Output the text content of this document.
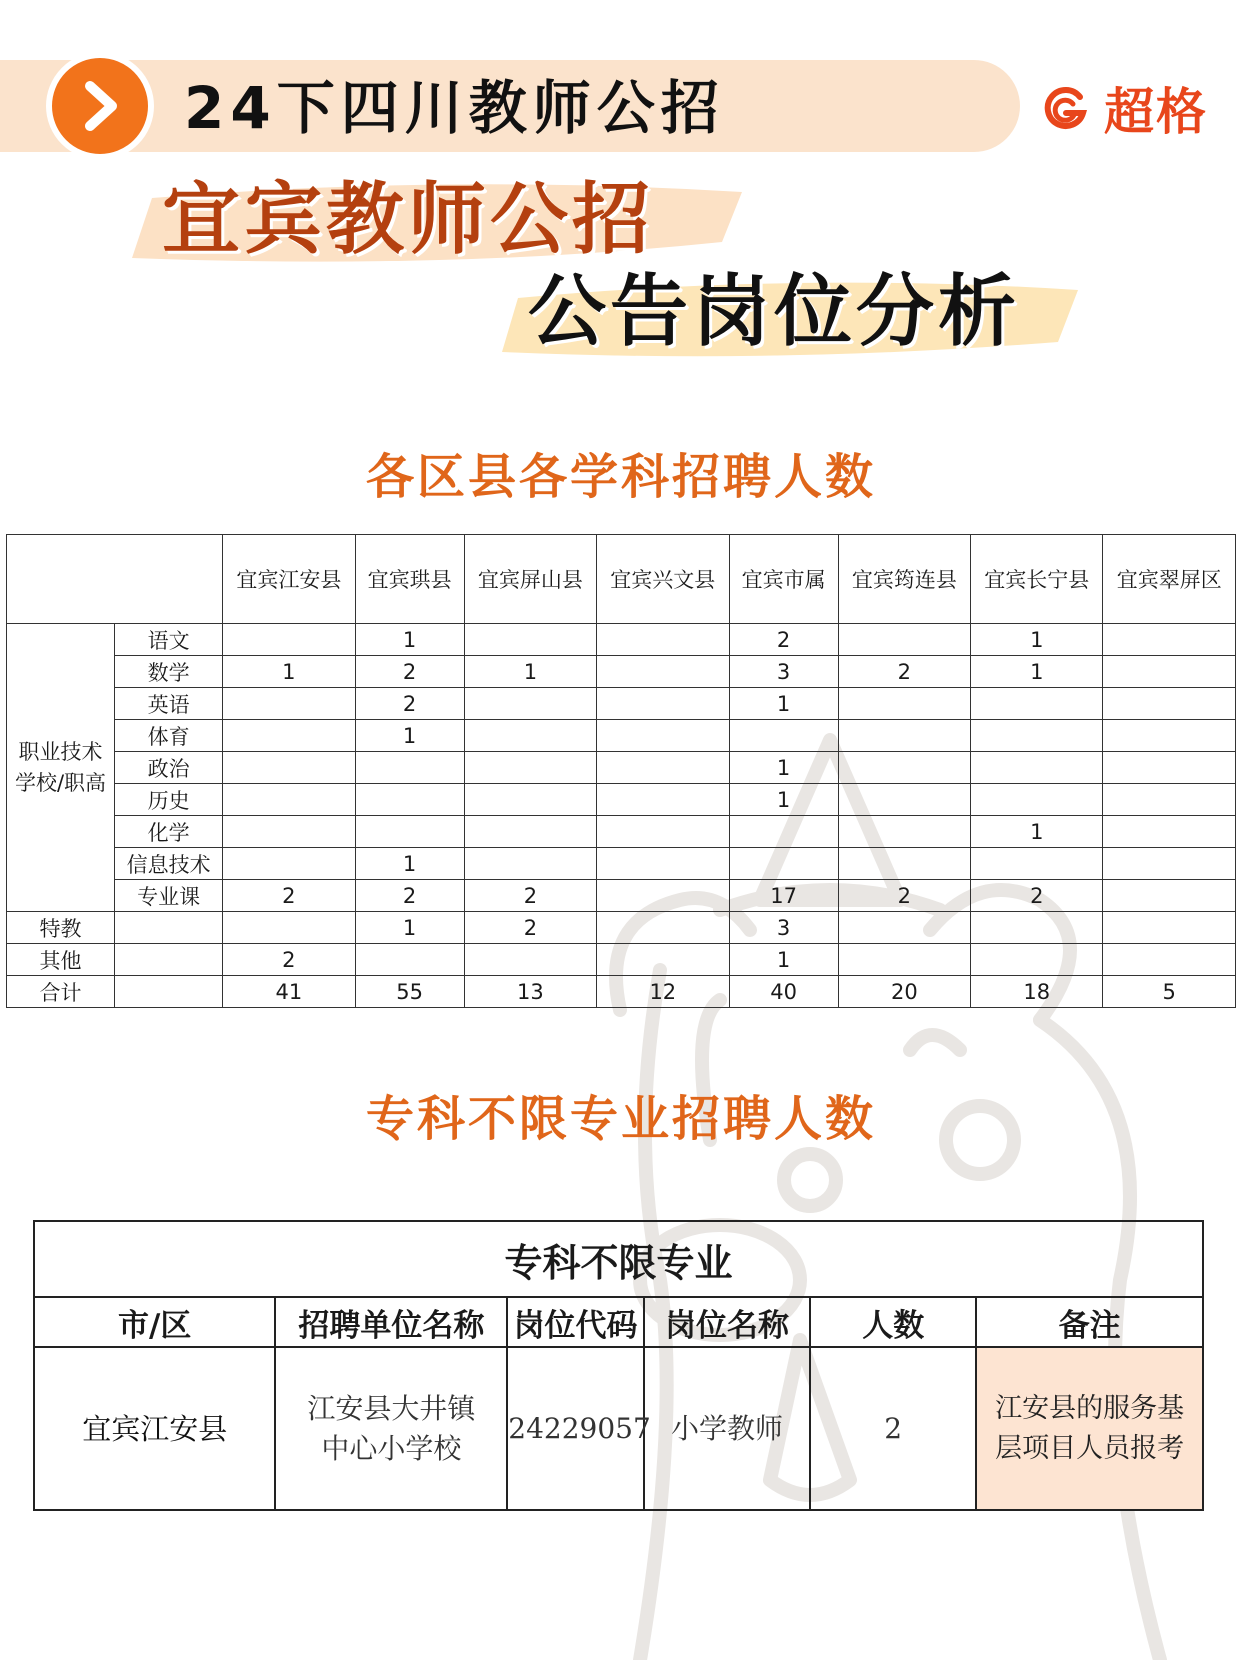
24下四川教师公招	超格
宜宾教师公招
公告岗位分析
各区县各学科招聘人数
		宜宾江安县	宜宾珙县	宜宾屏山县	宜宾兴文县	宜宾市属	宜宾筠连县	宜宾长宁县	宜宾翠屏区
职业技术学校/职高	语文		1			2		1	
	数学	1	2	1		3	2	1	
	英语		2			1			
	体育		1						
	政治					1			
	历史					1			
	化学							1	
	信息技术		1						
	专业课	2	2	2		17	2	2	
特教			1	2		3			
其他		2				1			
合计		41	55	13	12	40	20	18	5
专科不限专业招聘人数
专科不限专业					
市/区	招聘单位名称	岗位代码	岗位名称	人数	备注
宜宾江安县	江安县大井镇中心小学校	24229057	小学教师	2	江安县的服务基层项目人员报考
